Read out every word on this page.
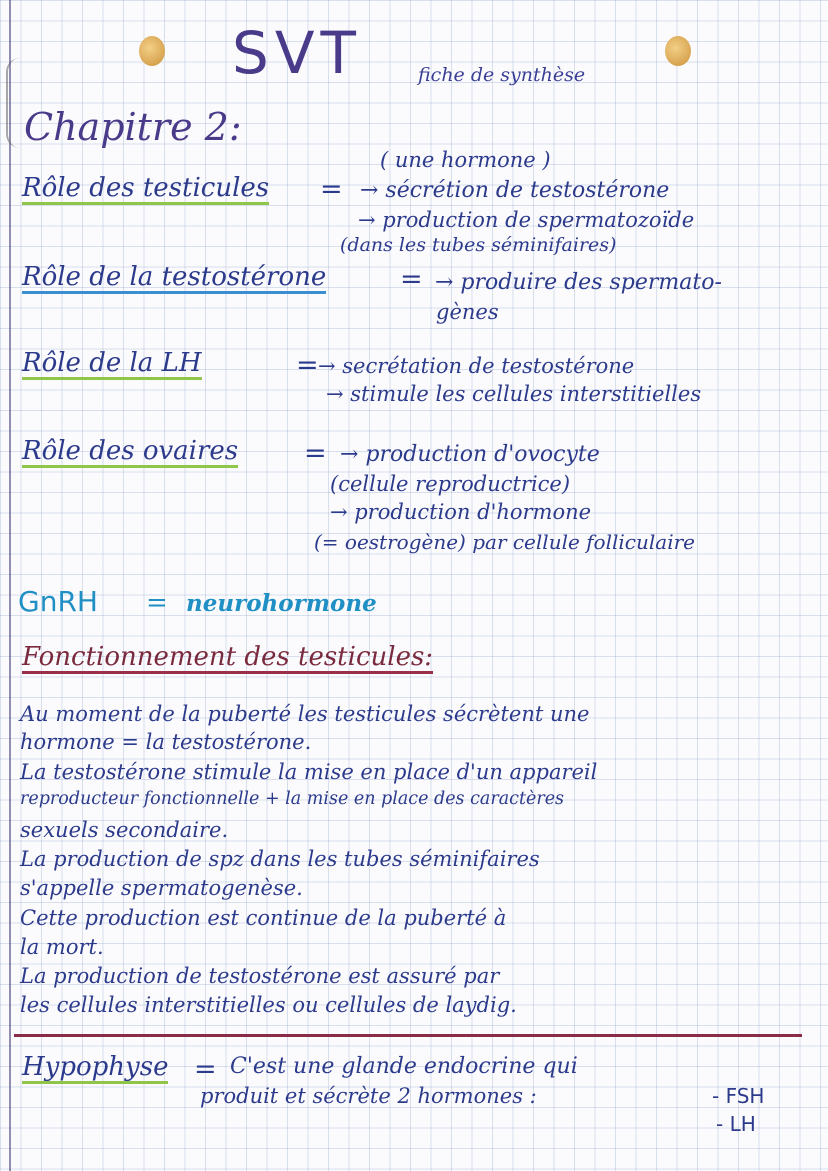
SVT	fiche de synthèse
Chapitre 2:
( une hormone )
Rôle des testicules = → sécrétion de testostérone
→ production de spermatozoïde
(dans les tubes séminifaires)
Rôle de la testostérone	= → produire des spermato-
gènes
Rôle de la LH	= → secrétation de testostérone
→ stimule les cellules interstitielles
Rôle des ovaires = → production d'ovocyte
(cellule reproductrice)
→ production d'hormone
(= oestrogène) par cellule folliculaire
GnRH = neurohormone
Fonctionnement des testicules:
Au moment de la puberté les testicules sécrètent une
hormone = la testostérone.
La testostérone stimule la mise en place d'un appareil
reproducteur fonctionnelle + la mise en place des caractères
sexuels secondaire.
La production de spz dans les tubes séminifaires
s'appelle spermatogenèse.
Cette production est continue de la puberté à
la mort.
La production de testostérone est assuré par
les cellules interstitielles ou cellules de laydig.
Hypophyse = C'est une glande endocrine qui
produit et sécrète 2 hormones :	- FSH
- LH
